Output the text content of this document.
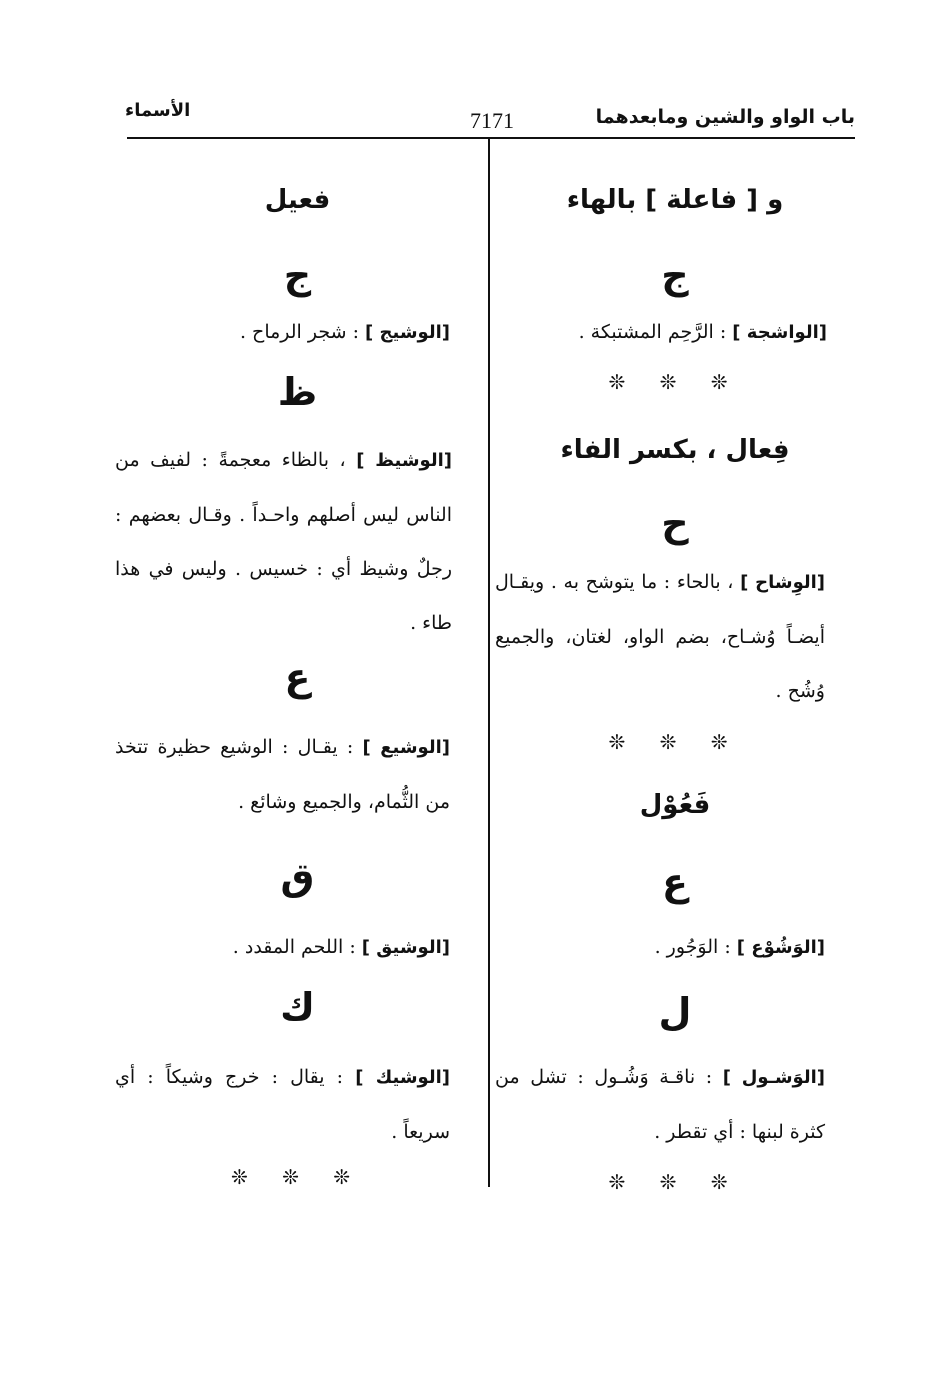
باب الواو والشين ومابعدهما
7171
الأسماء
و [ فاعلة ] بالهاء
ج
[الواشجة ] : الرَّحِم المشتبكة .
❊ ❊ ❊
فِعال ، بكسر الفاء
ح
[الوِشاح ] ، بالحاء : ما يتوشح به . ويقـال أيضـاً وُشـاح، بضم الواو، لغتان، والجميع وُشُح .
❊ ❊ ❊
فَعُوْل
ع
[الوَشُوْع ] : الوَجُور .
ل
[الوَشـول ] : ناقـة وَشُـول : تشل من كثرة لبنها : أي تقطر .
❊ ❊ ❊
فعيل
ج
[الوشيج ] : شجر الرماح .
ظ
[الوشيظ ] ، بالظاء معجمةً : لفيف من الناس ليس أصلهم واحـداً . وقـال بعضهم : رجلٌ وشيظ أي : خسيس . وليس في هذا طاء .
ع
[الوشيع ] : يقـال : الوشيع حظيرة تتخذ من الثُّمام، والجميع وشائع .
ق
[الوشيق ] : اللحم المقدد .
ك
[الوشيك ] : يقال : خرج وشيكاً : أي سريعاً .
❊ ❊ ❊
